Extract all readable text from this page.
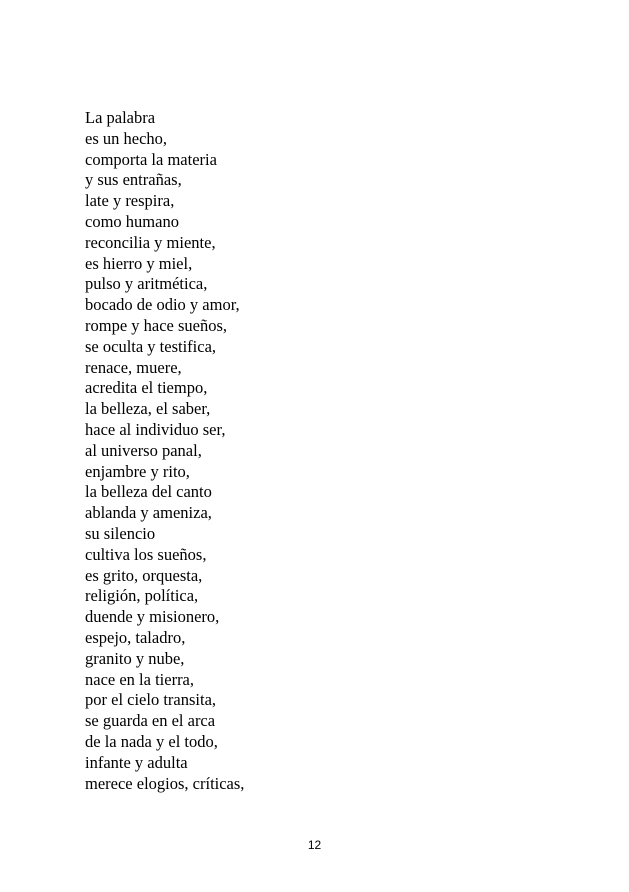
La palabra
es un hecho,
comporta la materia
y sus entrañas,
late y respira,
como humano
reconcilia y miente,
es hierro y miel,
pulso y aritmética,
bocado de odio y amor,
rompe y hace sueños,
se oculta y testifica,
renace, muere,
acredita el tiempo,
la belleza, el saber,
hace al individuo ser,
al universo panal,
enjambre y rito,
la belleza del canto
ablanda y ameniza,
su silencio
cultiva los sueños,
es grito, orquesta,
religión, política,
duende y misionero,
espejo, taladro,
granito y nube,
nace en la tierra,
por el cielo transita,
se guarda en el arca
de la nada y el todo,
infante y adulta
merece elogios, críticas,
12
